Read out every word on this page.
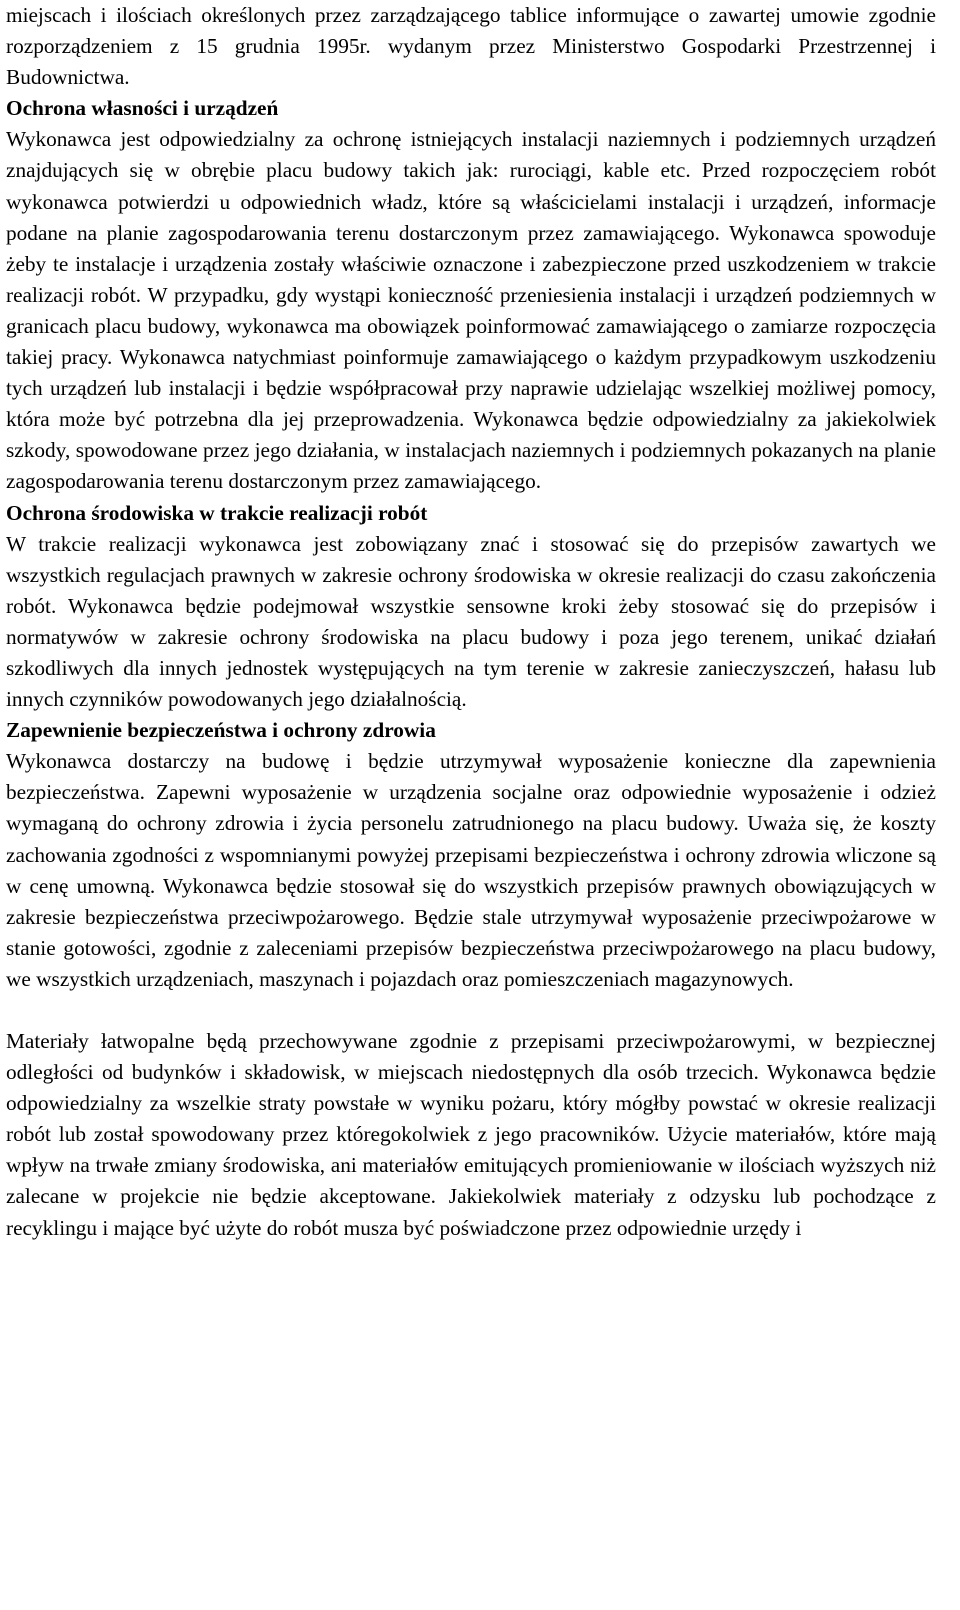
miejscach i ilościach określonych przez zarządzającego tablice informujące o zawartej umowie zgodnie rozporządzeniem z 15 grudnia 1995r. wydanym przez Ministerstwo Gospodarki Przestrzennej i Budownictwa.

Ochrona własności i urządzeń

Wykonawca jest odpowiedzialny za ochronę istniejących instalacji naziemnych i podziemnych urządzeń znajdujących się w obrębie placu budowy takich jak: rurociągi, kable etc. Przed rozpoczęciem robót wykonawca potwierdzi u odpowiednich władz, które są właścicielami instalacji i urządzeń, informacje podane na planie zagospodarowania terenu dostarczonym przez zamawiającego. Wykonawca spowoduje żeby te instalacje i urządzenia zostały właściwie oznaczone i zabezpieczone przed uszkodzeniem w trakcie realizacji robót. W przypadku, gdy wystąpi konieczność przeniesienia instalacji i urządzeń podziemnych w granicach placu budowy, wykonawca ma obowiązek poinformować zamawiającego o zamiarze rozpoczęcia takiej pracy. Wykonawca natychmiast poinformuje zamawiającego o każdym przypadkowym uszkodzeniu tych urządzeń lub instalacji i będzie współpracował przy naprawie udzielając wszelkiej możliwej pomocy, która może być potrzebna dla jej przeprowadzenia. Wykonawca będzie odpowiedzialny za jakiekolwiek szkody, spowodowane przez jego działania, w instalacjach naziemnych i podziemnych pokazanych na planie zagospodarowania terenu dostarczonym przez zamawiającego.

Ochrona środowiska w trakcie realizacji robót

W trakcie realizacji wykonawca jest zobowiązany znać i stosować się do przepisów zawartych we wszystkich regulacjach prawnych w zakresie ochrony środowiska w okresie realizacji do czasu zakończenia robót. Wykonawca będzie podejmował wszystkie sensowne kroki żeby stosować się do przepisów i normatywów w zakresie ochrony środowiska na placu budowy i poza jego terenem, unikać działań szkodliwych dla innych jednostek występujących na tym terenie w zakresie zanieczyszczeń, hałasu lub innych czynników powodowanych jego działalnością.

Zapewnienie bezpieczeństwa i ochrony zdrowia

Wykonawca dostarczy na budowę i będzie utrzymywał wyposażenie konieczne dla zapewnienia bezpieczeństwa. Zapewni wyposażenie w urządzenia socjalne oraz odpowiednie wyposażenie i odzież wymaganą do ochrony zdrowia i życia personelu zatrudnionego na placu budowy. Uważa się, że koszty zachowania zgodności z wspomnianymi powyżej przepisami bezpieczeństwa i ochrony zdrowia wliczone są w cenę umowną. Wykonawca będzie stosował się do wszystkich przepisów prawnych obowiązujących w zakresie bezpieczeństwa przeciwpożarowego. Będzie stale utrzymywał wyposażenie przeciwpożarowe w stanie gotowości, zgodnie z zaleceniami przepisów bezpieczeństwa przeciwpożarowego na placu budowy, we wszystkich urządzeniach, maszynach i pojazdach oraz pomieszczeniach magazynowych.

Materiały łatwopalne będą przechowywane zgodnie z przepisami przeciwpożarowymi, w bezpiecznej odległości od budynków i składowisk, w miejscach niedostępnych dla osób trzecich. Wykonawca będzie odpowiedzialny za wszelkie straty powstałe w wyniku pożaru, który mógłby powstać w okresie realizacji robót lub został spowodowany przez któregokolwiek z jego pracowników. Użycie materiałów, które mają wpływ na trwałe zmiany środowiska, ani materiałów emitujących promieniowanie w ilościach wyższych niż zalecane w projekcie nie będzie akceptowane. Jakiekolwiek materiały z odzysku lub pochodzące z recyklingu i mające być użyte do robót musza być poświadczone przez odpowiednie urzędy i
